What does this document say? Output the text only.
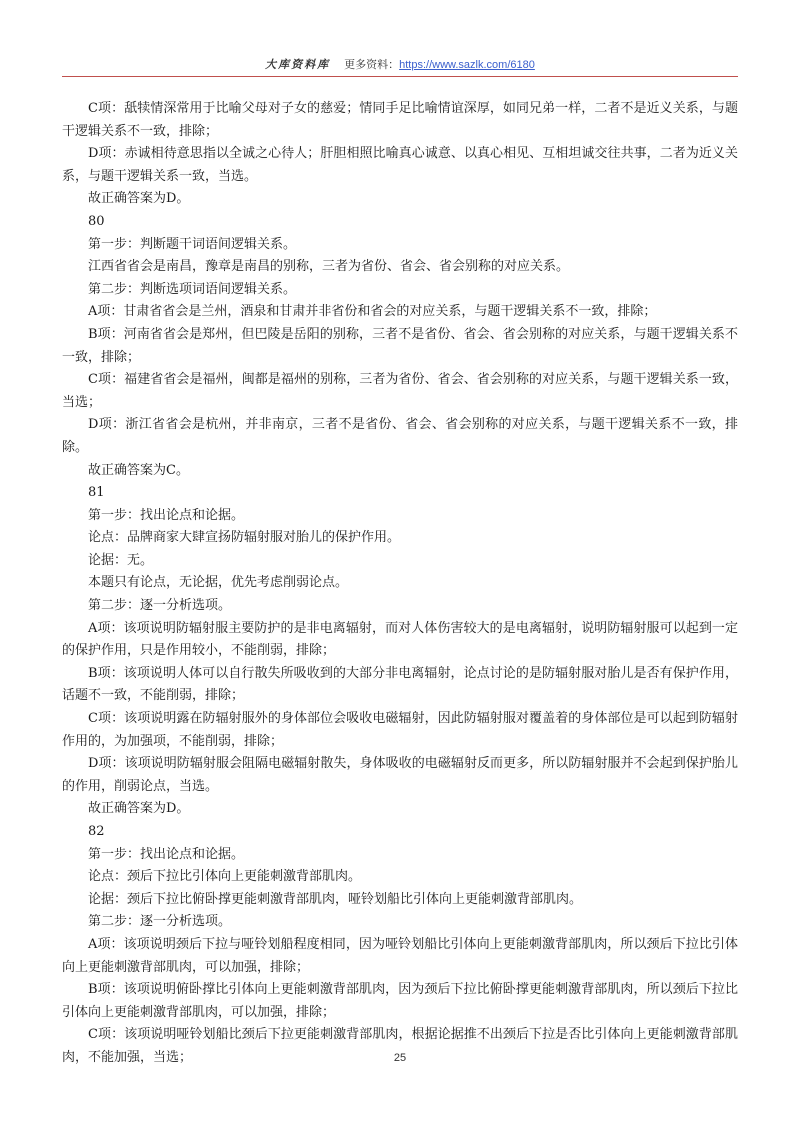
大库资料库 更多资料：https://www.sazlk.com/6180

C项：舐犊情深常用于比喻父母对子女的慈爱；情同手足比喻情谊深厚，如同兄弟一样，二者不是近义关系，与题干逻辑关系不一致，排除；

D项：赤诚相待意思指以全诚之心待人；肝胆相照比喻真心诚意、以真心相见、互相坦诚交往共事，二者为近义关系，与题干逻辑关系一致，当选。

故正确答案为D。

80

第一步：判断题干词语间逻辑关系。

江西省省会是南昌，豫章是南昌的别称，三者为省份、省会、省会别称的对应关系。

第二步：判断选项词语间逻辑关系。

A项：甘肃省省会是兰州，酒泉和甘肃并非省份和省会的对应关系，与题干逻辑关系不一致，排除；

B项：河南省省会是郑州，但巴陵是岳阳的别称，三者不是省份、省会、省会别称的对应关系，与题干逻辑关系不一致，排除；

C项：福建省省会是福州，闽都是福州的别称，三者为省份、省会、省会别称的对应关系，与题干逻辑关系一致，当选；

D项：浙江省省会是杭州，并非南京，三者不是省份、省会、省会别称的对应关系，与题干逻辑关系不一致，排除。

故正确答案为C。

81

第一步：找出论点和论据。

论点：品牌商家大肆宣扬防辐射服对胎儿的保护作用。

论据：无。

本题只有论点，无论据，优先考虑削弱论点。

第二步：逐一分析选项。

A项：该项说明防辐射服主要防护的是非电离辐射，而对人体伤害较大的是电离辐射，说明防辐射服可以起到一定的保护作用，只是作用较小，不能削弱，排除；

B项：该项说明人体可以自行散失所吸收到的大部分非电离辐射，论点讨论的是防辐射服对胎儿是否有保护作用，话题不一致，不能削弱，排除；

C项：该项说明露在防辐射服外的身体部位会吸收电磁辐射，因此防辐射服对覆盖着的身体部位是可以起到防辐射作用的，为加强项，不能削弱，排除；

D项：该项说明防辐射服会阻隔电磁辐射散失，身体吸收的电磁辐射反而更多，所以防辐射服并不会起到保护胎儿的作用，削弱论点，当选。

故正确答案为D。

82

第一步：找出论点和论据。

论点：颈后下拉比引体向上更能刺激背部肌肉。

论据：颈后下拉比俯卧撑更能刺激背部肌肉，哑铃划船比引体向上更能刺激背部肌肉。

第二步：逐一分析选项。

A项：该项说明颈后下拉与哑铃划船程度相同，因为哑铃划船比引体向上更能刺激背部肌肉，所以颈后下拉比引体向上更能刺激背部肌肉，可以加强，排除；

B项：该项说明俯卧撑比引体向上更能刺激背部肌肉，因为颈后下拉比俯卧撑更能刺激背部肌肉，所以颈后下拉比引体向上更能刺激背部肌肉，可以加强，排除；

C项：该项说明哑铃划船比颈后下拉更能刺激背部肌肉，根据论据推不出颈后下拉是否比引体向上更能刺激背部肌肉，不能加强，当选；	25
